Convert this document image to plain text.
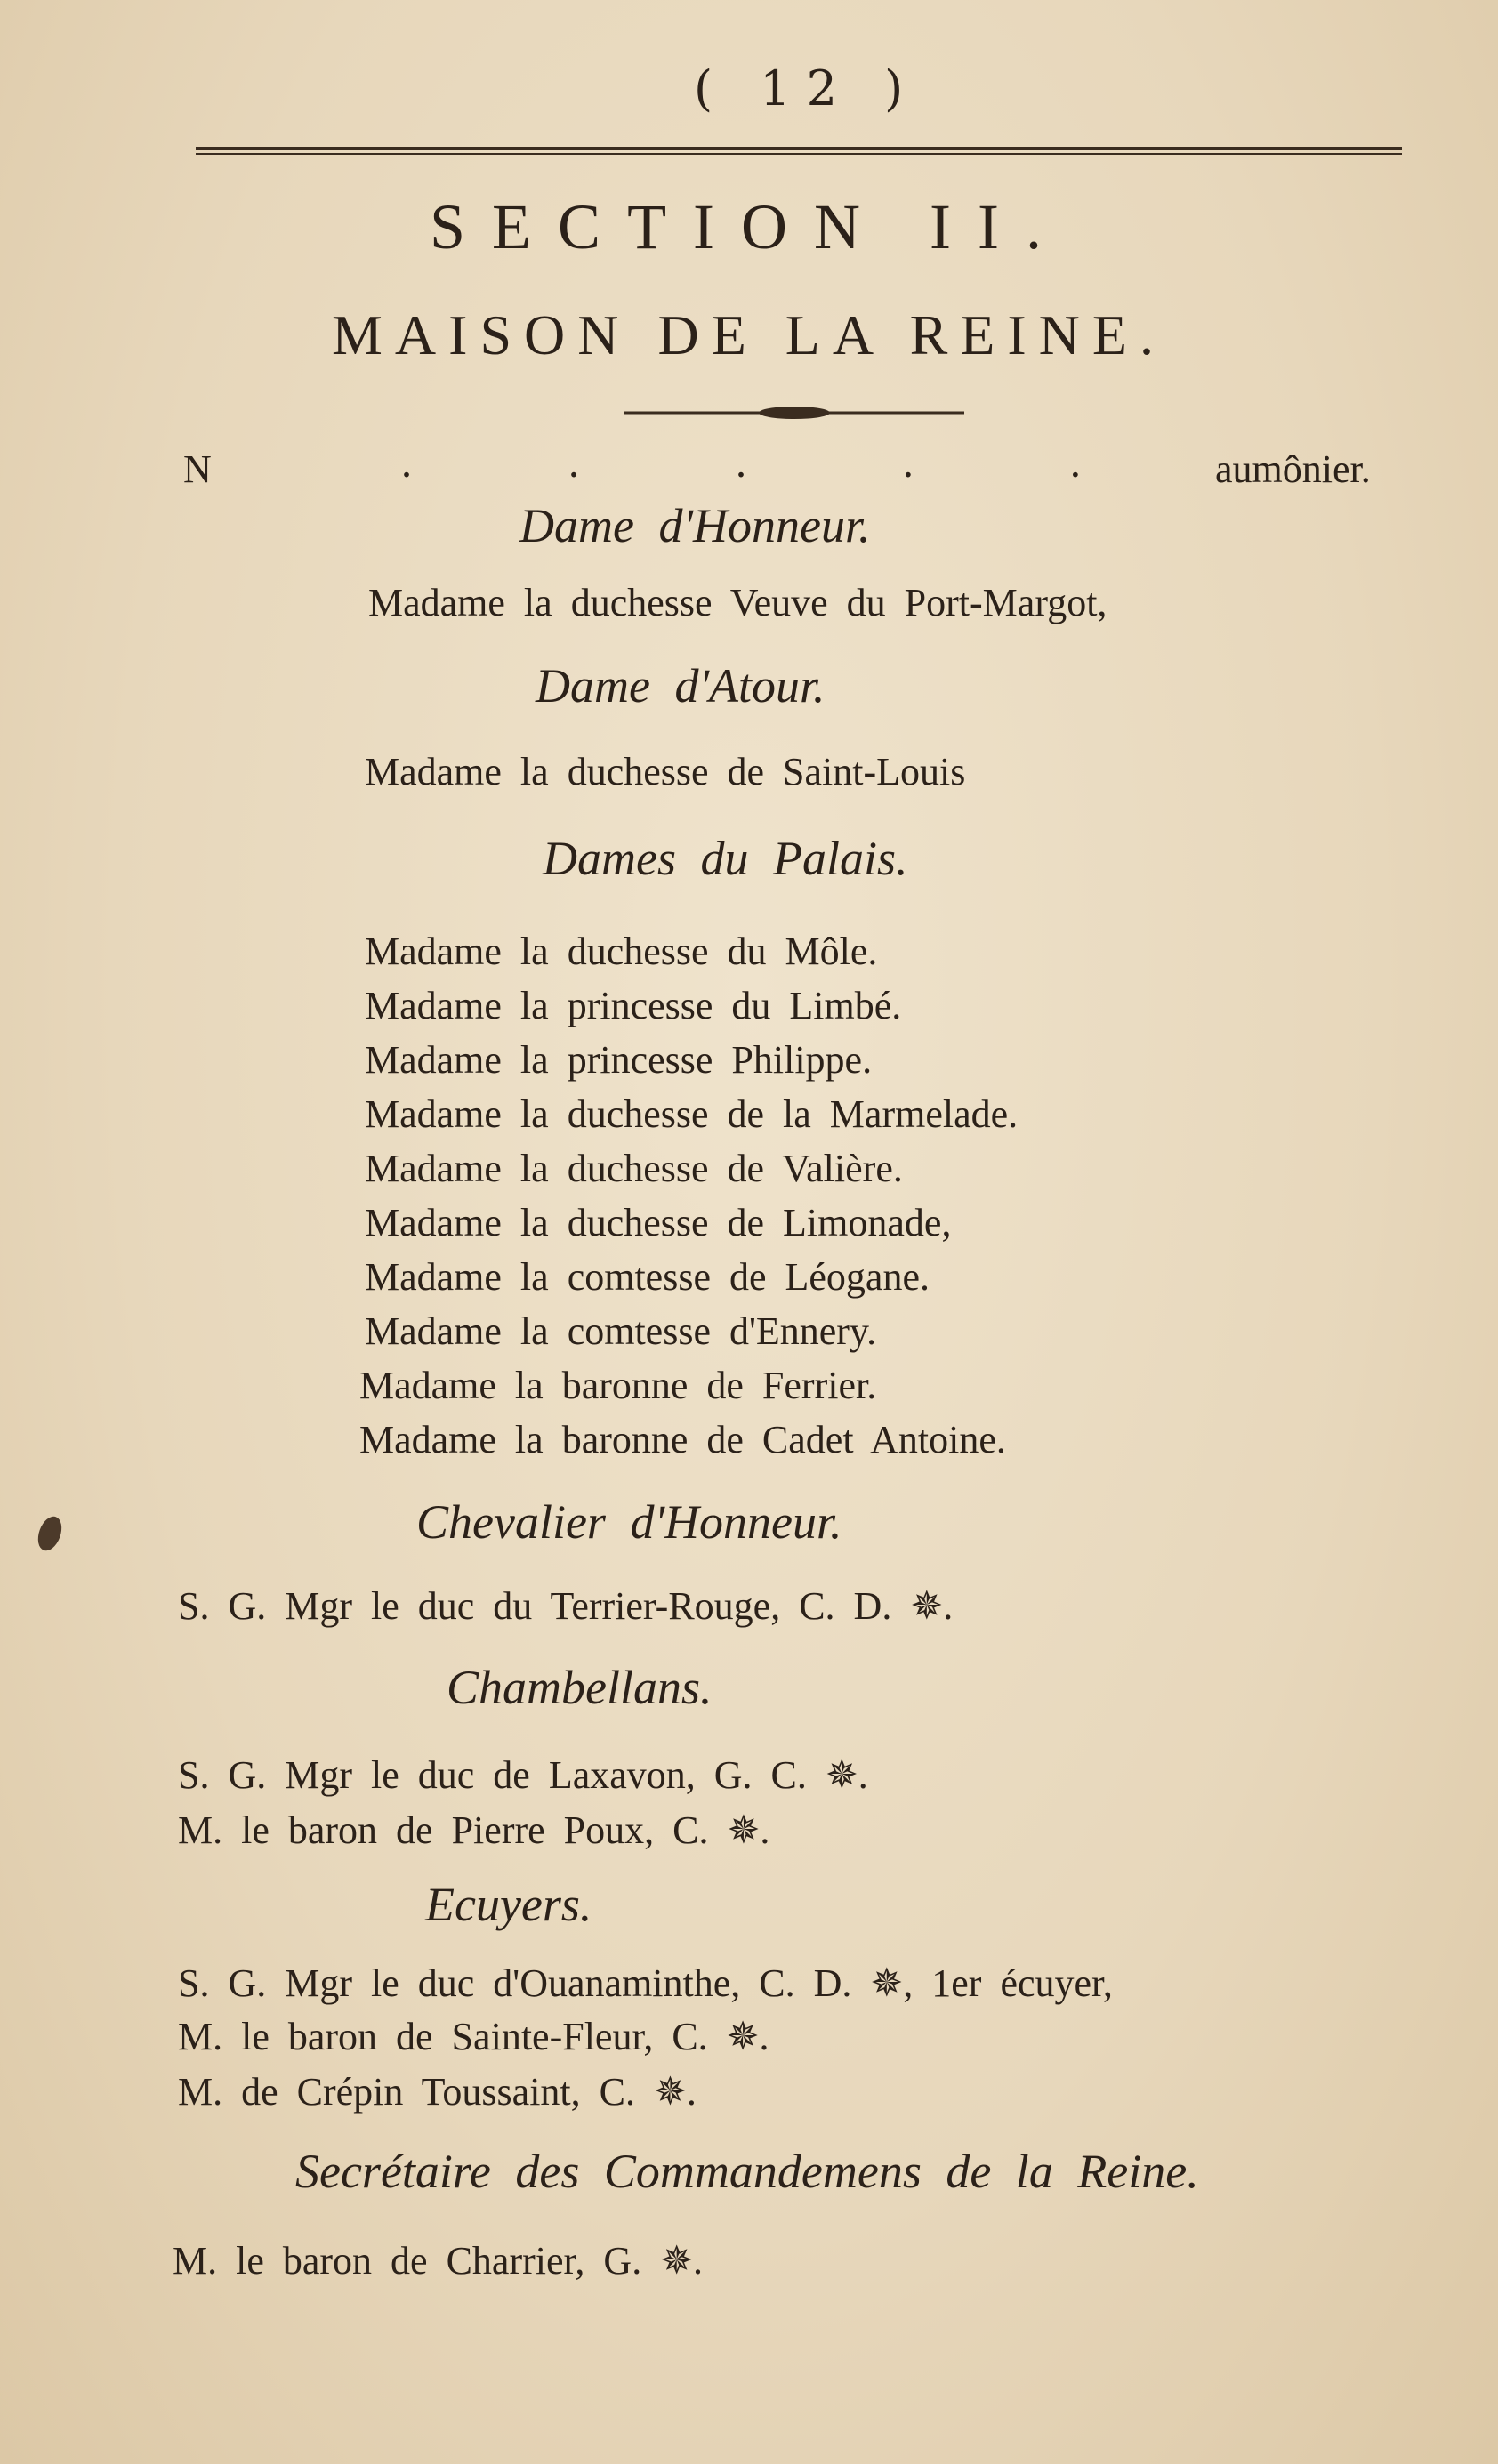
( 12 )
SECTION II.
MAISON DE LA REINE.
N	. . . . . aumônier.
Dame d'Honneur.
Madame la duchesse Veuve du Port-Margot,
Dame d'Atour.
Madame la duchesse de Saint-Louis
Dames du Palais.
Madame la duchesse du Môle.
Madame la princesse du Limbé.
Madame la princesse Philippe.
Madame la duchesse de la Marmelade.
Madame la duchesse de Valière.
Madame la duchesse de Limonade,
Madame la comtesse de Léogane.
Madame la comtesse d'Ennery.
Madame la baronne de Ferrier.
Madame la baronne de Cadet Antoine.
Chevalier d'Honneur.
S. G. Mgr le duc du Terrier-Rouge, C. D. ✵.
Chambellans.
S. G. Mgr le duc de Laxavon, G. C. ✵.
M. le baron de Pierre Poux, C. ✵.
Ecuyers.
S. G. Mgr le duc d'Ouanaminthe, C. D. ✵, 1er écuyer,
M. le baron de Sainte-Fleur, C. ✵.
M. de Crépin Toussaint, C. ✵.
Secrétaire des Commandemens de la Reine.
M. le baron de Charrier, G. ✵.
